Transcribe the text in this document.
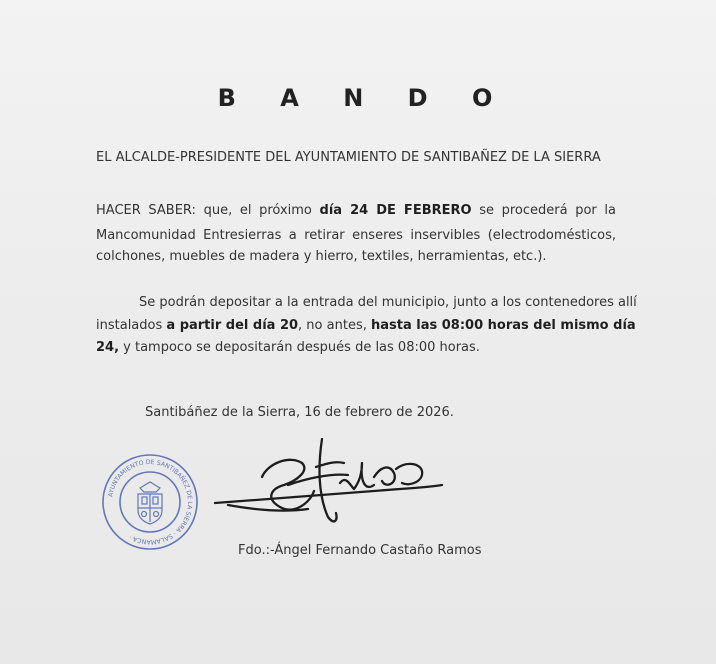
B A N D O
EL ALCALDE-PRESIDENTE DEL AYUNTAMIENTO DE SANTIBAÑEZ DE LA SIERRA
HACER SABER: que, el próximo día 24 DE FEBRERO se procederá por la
Mancomunidad Entresierras a retirar enseres inservibles (electrodomésticos,
colchones, muebles de madera y hierro, textiles, herramientas, etc.).
Se podrán depositar a la entrada del municipio, junto a los contenedores allí
instalados a partir del día 20, no antes, hasta las 08:00 horas del mismo día
24, y tampoco se depositarán después de las 08:00 horas.
Santibáñez de la Sierra, 16 de febrero de 2026.
AYUNTAMIENTO DE SANTIBAÑEZ DE LA SIERRA · SALAMANCA ·
Fdo.:-Ángel Fernando Castaño Ramos
